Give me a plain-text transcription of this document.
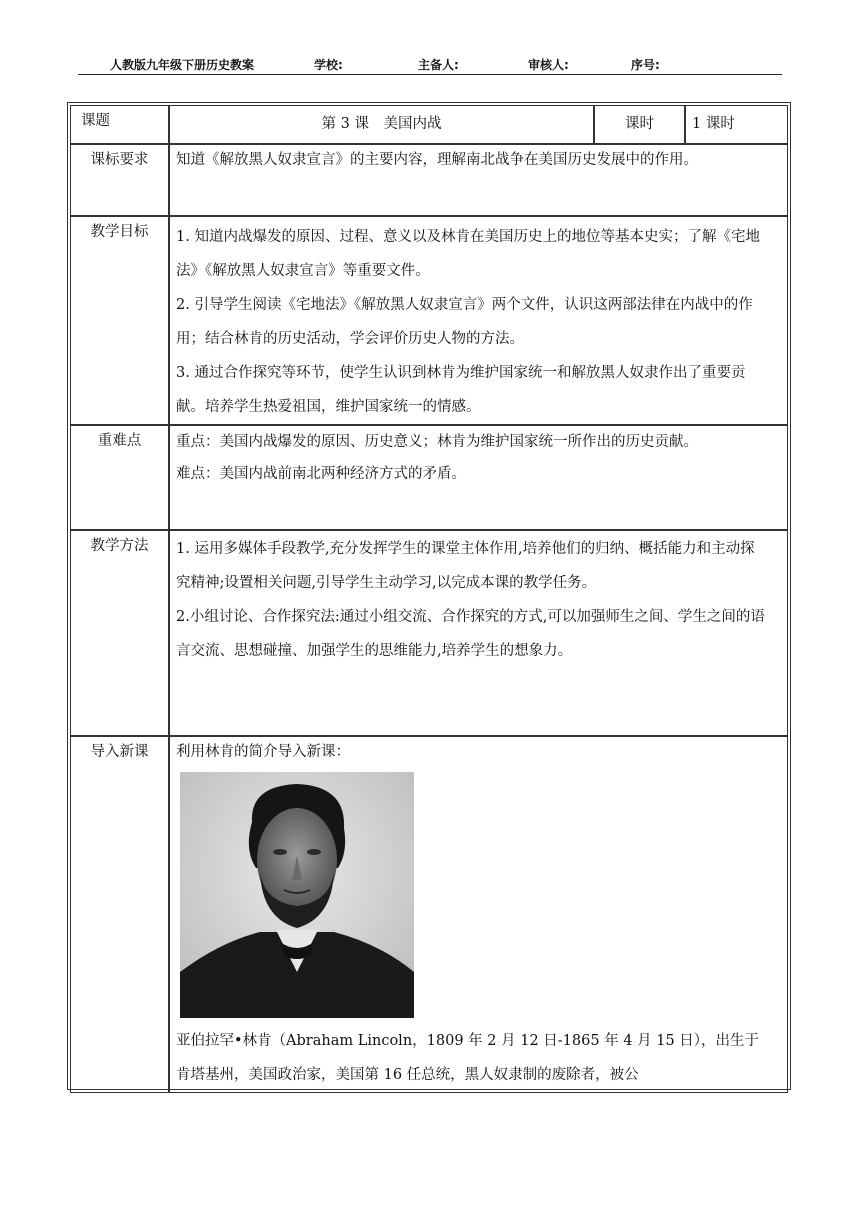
人教版九年级下册历史教案	学校:	主备人:	审核人:	序号:
课题	第 3 课　美国内战	课时	1 课时
课标要求	知道《解放黑人奴隶宣言》的主要内容，理解南北战争在美国历史发展中的作用。		

教学目标	1. 知道内战爆发的原因、过程、意义以及林肯在美国历史上的地位等基本史实；了解《宅地法》《解放黑人奴隶宣言》等重要文件。

2. 引导学生阅读《宅地法》《解放黑人奴隶宣言》两个文件，认识这两部法律在内战中的作用；结合林肯的历史活动，学会评价历史人物的方法。

3. 通过合作探究等环节，使学生认识到林肯为维护国家统一和解放黑人奴隶作出了重要贡献。培养学生热爱祖国，维护国家统一的情感。		

重难点	重点：美国内战爆发的原因、历史意义；林肯为维护国家统一所作出的历史贡献。

难点：美国内战前南北两种经济方式的矛盾。		

教学方法	1. 运用多媒体手段教学,充分发挥学生的课堂主体作用,培养他们的归纳、概括能力和主动探究精神;设置相关问题,引导学生主动学习,以完成本课的教学任务。

2.小组讨论、合作探究法:通过小组交流、合作探究的方式,可以加强师生之间、学生之间的语言交流、思想碰撞、加强学生的思维能力,培养学生的想象力。		

导入新课	利用林肯的简介导入新课：

亚伯拉罕•林肯（Abraham Lincoln，1809 年 2 月 12 日-1865 年 4 月 15 日），出生于肯塔基州，美国政治家，美国第 16 任总统，黑人奴隶制的废除者，被公		
